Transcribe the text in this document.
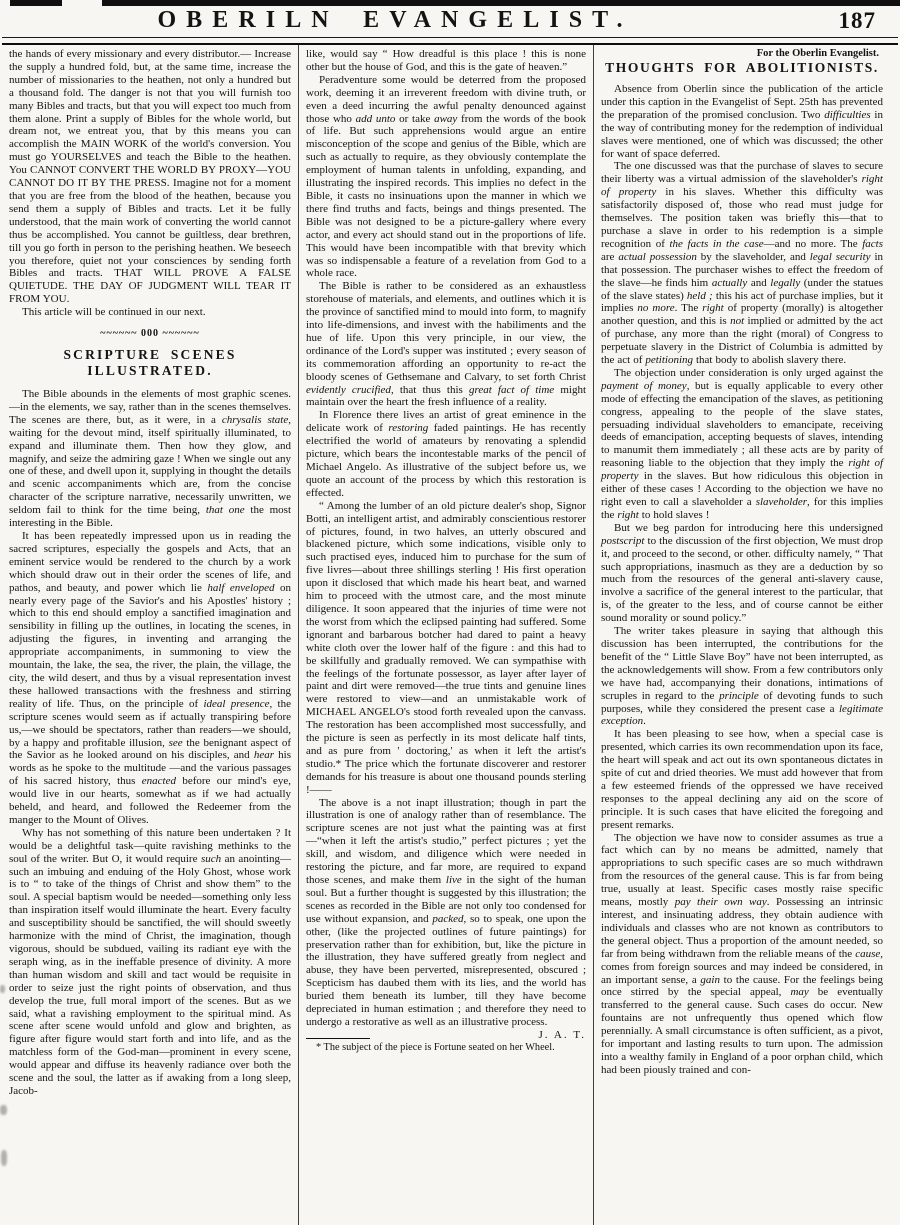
OBERILN EVANGELIST.	187

the hands of every missionary and every distributor.— Increase the supply a hundred fold, but, at the same time, increase the number of missionaries to the heathen, not only a hundred but a thousand fold. The danger is not that you will furnish too many Bibles and tracts, but that you will expect too much from them alone. Print a supply of Bibles for the whole world, but dream not, we entreat you, that by this means you can accomplish the MAIN WORK of the world's conversion. You must go YOURSELVES and teach the Bible to the heathen. You CANNOT CONVERT THE WORLD BY PROXY—YOU CANNOT DO IT BY THE PRESS. Imagine not for a moment that you are free from the blood of the heathen, because you send them a supply of Bibles and tracts. Let it be fully understood, that the main work of converting the world cannot thus be accomplished. You cannot be guiltless, dear brethren, till you go forth in person to the perishing heathen. We beseech you therefore, quiet not your consciences by sending forth Bibles and tracts. THAT WILL PROVE A FALSE QUIETUDE. THE DAY OF JUDGMENT WILL TEAR IT FROM YOU.

This article will be continued in our next.

~~~~~~ 000 ~~~~~~
SCRIPTURE SCENES ILLUSTRATED.

The Bible abounds in the elements of most graphic scenes.—in the elements, we say, rather than in the scenes themselves. The scenes are there, but, as it were, in a chrysalis state, waiting for the devout mind, itself spiritually illuminated, to expand and illuminate them. Then how they glow, and magnify, and seize the admiring gaze ! When we single out any one of these, and dwell upon it, supplying in thought the details and scenic accompaniments which are, from the concise character of the scripture narrative, necessarily unwritten, we seldom fail to think for the time being, that one the most interesting in the Bible.

It has been repeatedly impressed upon us in reading the sacred scriptures, especially the gospels and Acts, that an eminent service would be rendered to the church by a work which should draw out in their order the scenes of life, and pathos, and beauty, and power which lie half enveloped on nearly every page of the Savior's and his Apostles' history ; which to this end should employ a sanctified imagination and sensibility in filling up the outlines, in locating the scenes, in adjusting the figures, in inventing and arranging the appropriate accompaniments, in summoning to view the mountain, the lake, the sea, the river, the plain, the village, the city, the wild desert, and thus by a visual representation invest these hallowed transactions with the freshness and stirring reality of life. Thus, on the principle of ideal presence, the scripture scenes would seem as if actually transpiring before us,—we should be spectators, rather than readers—we should, by a happy and profitable illusion, see the benignant aspect of the Savior as he looked around on his disciples, and hear his words as he spoke to the multitude —and the various passages of his sacred history, thus enacted before our mind's eye, would live in our hearts, somewhat as if we had actually beheld, and heard, and followed the Redeemer from the manger to the Mount of Olives.

Why has not something of this nature been undertaken ? It would be a delightful task—quite ravishing methinks to the soul of the writer. But O, it would require such an anointing—such an imbuing and enduing of the Holy Ghost, whose work is to “ to take of the things of Christ and show them” to the soul. A special baptism would be needed—something only less than inspiration itself would illuminate the heart. Every faculty and susceptibility should be sanctified, the will should sweetly harmonize with the mind of Christ, the imagination, though vigorous, should be subdued, vailing its radiant eye with the seraph wing, as in the ineffable presence of divinity. A more than human wisdom and skill and tact would be requisite in order to seize just the right points of observation, and thus develop the true, full moral import of the scenes. But as we said, what a ravishing employment to the spiritual mind. As scene after scene would unfold and glow and brighten, as figure after figure would start forth and into life, and as the matchless form of the God-man—prominent in every scene, would appear and diffuse its heavenly radiance over both the scene and the soul, the latter as if awaking from a long sleep, Jacob-

like, would say “ How dreadful is this place ! this is none other but the house of God, and this is the gate of heaven.”

Peradventure some would be deterred from the proposed work, deeming it an irreverent freedom with divine truth, or even a deed incurring the awful penalty denounced against those who add unto or take away from the words of the book of life. But such apprehensions would argue an entire misconception of the scope and genius of the Bible, which are such as actually to require, as they obviously contemplate the employment of human talents in unfolding, expanding, and illustrating the inspired records. This implies no defect in the Bible, it casts no insinuations upon the manner in which we there find truths and facts, beings and things presented. The Bible was not designed to be a picture-gallery where every actor, and every act should stand out in the proportions of life. This would have been incompatible with that brevity which was so indispensable a feature of a revelation from God to a whole race.

The Bible is rather to be considered as an exhaustless storehouse of materials, and elements, and outlines which it is the province of sanctified mind to mould into form, to magnify into life-dimensions, and invest with the habiliments and the hue of life. Upon this very principle, in our view, the ordinance of the Lord's supper was instituted ; every season of its commemoration affording an opportunity to re-act the bloody scenes of Gethsemane and Calvary, to set forth Christ evidently crucified, that thus this great fact of time might maintain over the heart the fresh influence of a reality.

In Florence there lives an artist of great eminence in the delicate work of restoring faded paintings. He has recently electrified the world of amateurs by renovating a splendid picture, which bears the incontestable marks of the pencil of Michael Angelo. As illustrative of the subject before us, we quote an account of the process by which this restoration is effected.

“ Among the lumber of an old picture dealer's shop, Signor Botti, an intelligent artist, and admirably conscientious restorer of pictures, found, in two halves, an utterly obscured and blackened picture, which some indications, visible only to such practised eyes, induced him to purchase for the sum of five livres—about three shillings sterling ! His first operation upon it disclosed that which made his heart beat, and warned him to proceed with the utmost care, and the most minute diligence. It soon appeared that the injuries of time were not the worst from which the eclipsed painting had suffered. Some ignorant and barbarous botcher had dared to paint a heavy white cloth over the lower half of the figure : and this had to be skillfully and gradually removed. We can sympathise with the feelings of the fortunate possessor, as layer after layer of paint and dirt were removed—the true tints and genuine lines were restored to view—and an unmistakable work of MICHAEL ANGELO's stood forth revealed upon the canvass. The restoration has been accomplished most successfully, and the picture is seen as perfectly in its most delicate half tints, and as pure from ' doctoring,' as when it left the artist's studio.* The price which the fortunate discoverer and restorer demands for his treasure is about one thousand pounds sterling !——

The above is a not inapt illustration; though in part the illustration is one of analogy rather than of resemblance. The scripture scenes are not just what the painting was at first—“when it left the artist's studio,” perfect pictures ; yet the skill, and wisdom, and diligence which were needed in restoring the picture, and far more, are required to expand those scenes, and make them live in the sight of the human soul. But a further thought is suggested by this illustration; the scenes as recorded in the Bible are not only too condensed for use without expansion, and packed, so to speak, one upon the other, (like the projected outlines of future paintings) for preservation rather than for exhibition, but, like the picture in the illustration, they have suffered greatly from neglect and abuse, they have been perverted, misrepresented, obscured ; Scepticism has daubed them with its lies, and the world has buried them beneath its lumber, till they have become depreciated in human estimation ; and therefore they need to undergo a restorative as well as an illustrative process.
J. A. T.

* The subject of the piece is Fortune seated on her Wheel.

For the Oberlin Evangelist.
THOUGHTS FOR ABOLITIONISTS.

Absence from Oberlin since the publication of the article under this caption in the Evangelist of Sept. 25th has prevented the preparation of the promised conclusion. Two difficulties in the way of contributing money for the redemption of individual slaves were mentioned, one of which was discussed; the other for want of space deferred.

The one discussed was that the purchase of slaves to secure their liberty was a virtual admission of the slaveholder's right of property in his slaves. Whether this difficulty was satisfactorily disposed of, those who read must judge for themselves. The position taken was briefly this—that to purchase a slave in order to his redemption is a simple recognition of the facts in the case—and no more. The facts are actual possession by the slaveholder, and legal security in that possession. The purchaser wishes to effect the freedom of the slave—he finds him actually and legally (under the statues of the slave states) held ; this his act of purchase implies, but it implies no more. The right of property (morally) is altogether another question, and this is not implied or admitted by the act of purchase, any more than the right (moral) of Congress to perpetuate slavery in the District of Columbia is admitted by the act of petitioning that body to abolish slavery there.

The objection under consideration is only urged against the payment of money, but is equally applicable to every other mode of effecting the emancipation of the slaves, as petitioning congress, appealing to the people of the slave states, persuading individual slaveholders to emancipate, receiving deeds of emancipation, accepting bequests of slaves, intending to manumit them immediately ; all these acts are by parity of reasoning liable to the objection that they imply the right of property in the slaves. But how ridiculous this objection in either of these cases ! According to the objection we have no right even to call a slaveholder a slaveholder, for this implies the right to hold slaves !

But we beg pardon for introducing here this undersigned postscript to the discussion of the first objection, We must drop it, and proceed to the second, or other. difficulty namely, “ That such appropriations, inasmuch as they are a deduction by so much from the resources of the general anti-slavery cause, involve a sacrifice of the general interest to the particular, that is, of the greater to the less, and of course cannot be either sound morality or sound policy.”

The writer takes pleasure in saying that although this discussion has been interrupted, the contributions for the benefit of the “ Little Slave Boy” have not been interrupted, as the acknowledgements will show. From a few contributors only we have had, accompanying their donations, intimations of scruples in regard to the principle of devoting funds to such purposes, while they considered the present case a legitimate exception.

It has been pleasing to see how, when a special case is presented, which carries its own recommendation upon its face, the heart will speak and act out its own spontaneous dictates in spite of cut and dried theories. We must add however that from a few esteemed friends of the oppressed we have received responses to the appeal declining any aid on the score of principle. It is such cases that have elicited the foregoing and present remarks.

The objection we have now to consider assumes as true a fact which can by no means be admitted, namely that appropriations to such specific cases are so much withdrawn from the resources of the general cause. This is far from being true, usually at least. Specific cases mostly raise specific means, mostly pay their own way. Possessing an intrinsic interest, and insinuating address, they obtain audience with individuals and classes who are not known as contributors to the general object. Thus a proportion of the amount needed, so far from being withdrawn from the reliable means of the cause, comes from foreign sources and may indeed be considered, in an important sense, a gain to the cause. For the feelings being once stirred by the special appeal, may be eventually transferred to the general cause. Such cases do occur. New fountains are not unfrequently thus opened which flow perennially. A small circumstance is often sufficient, as a pivot, for important and lasting results to turn upon. The admission into a wealthy family in England of a poor orphan child, which had been piously trained and con-
